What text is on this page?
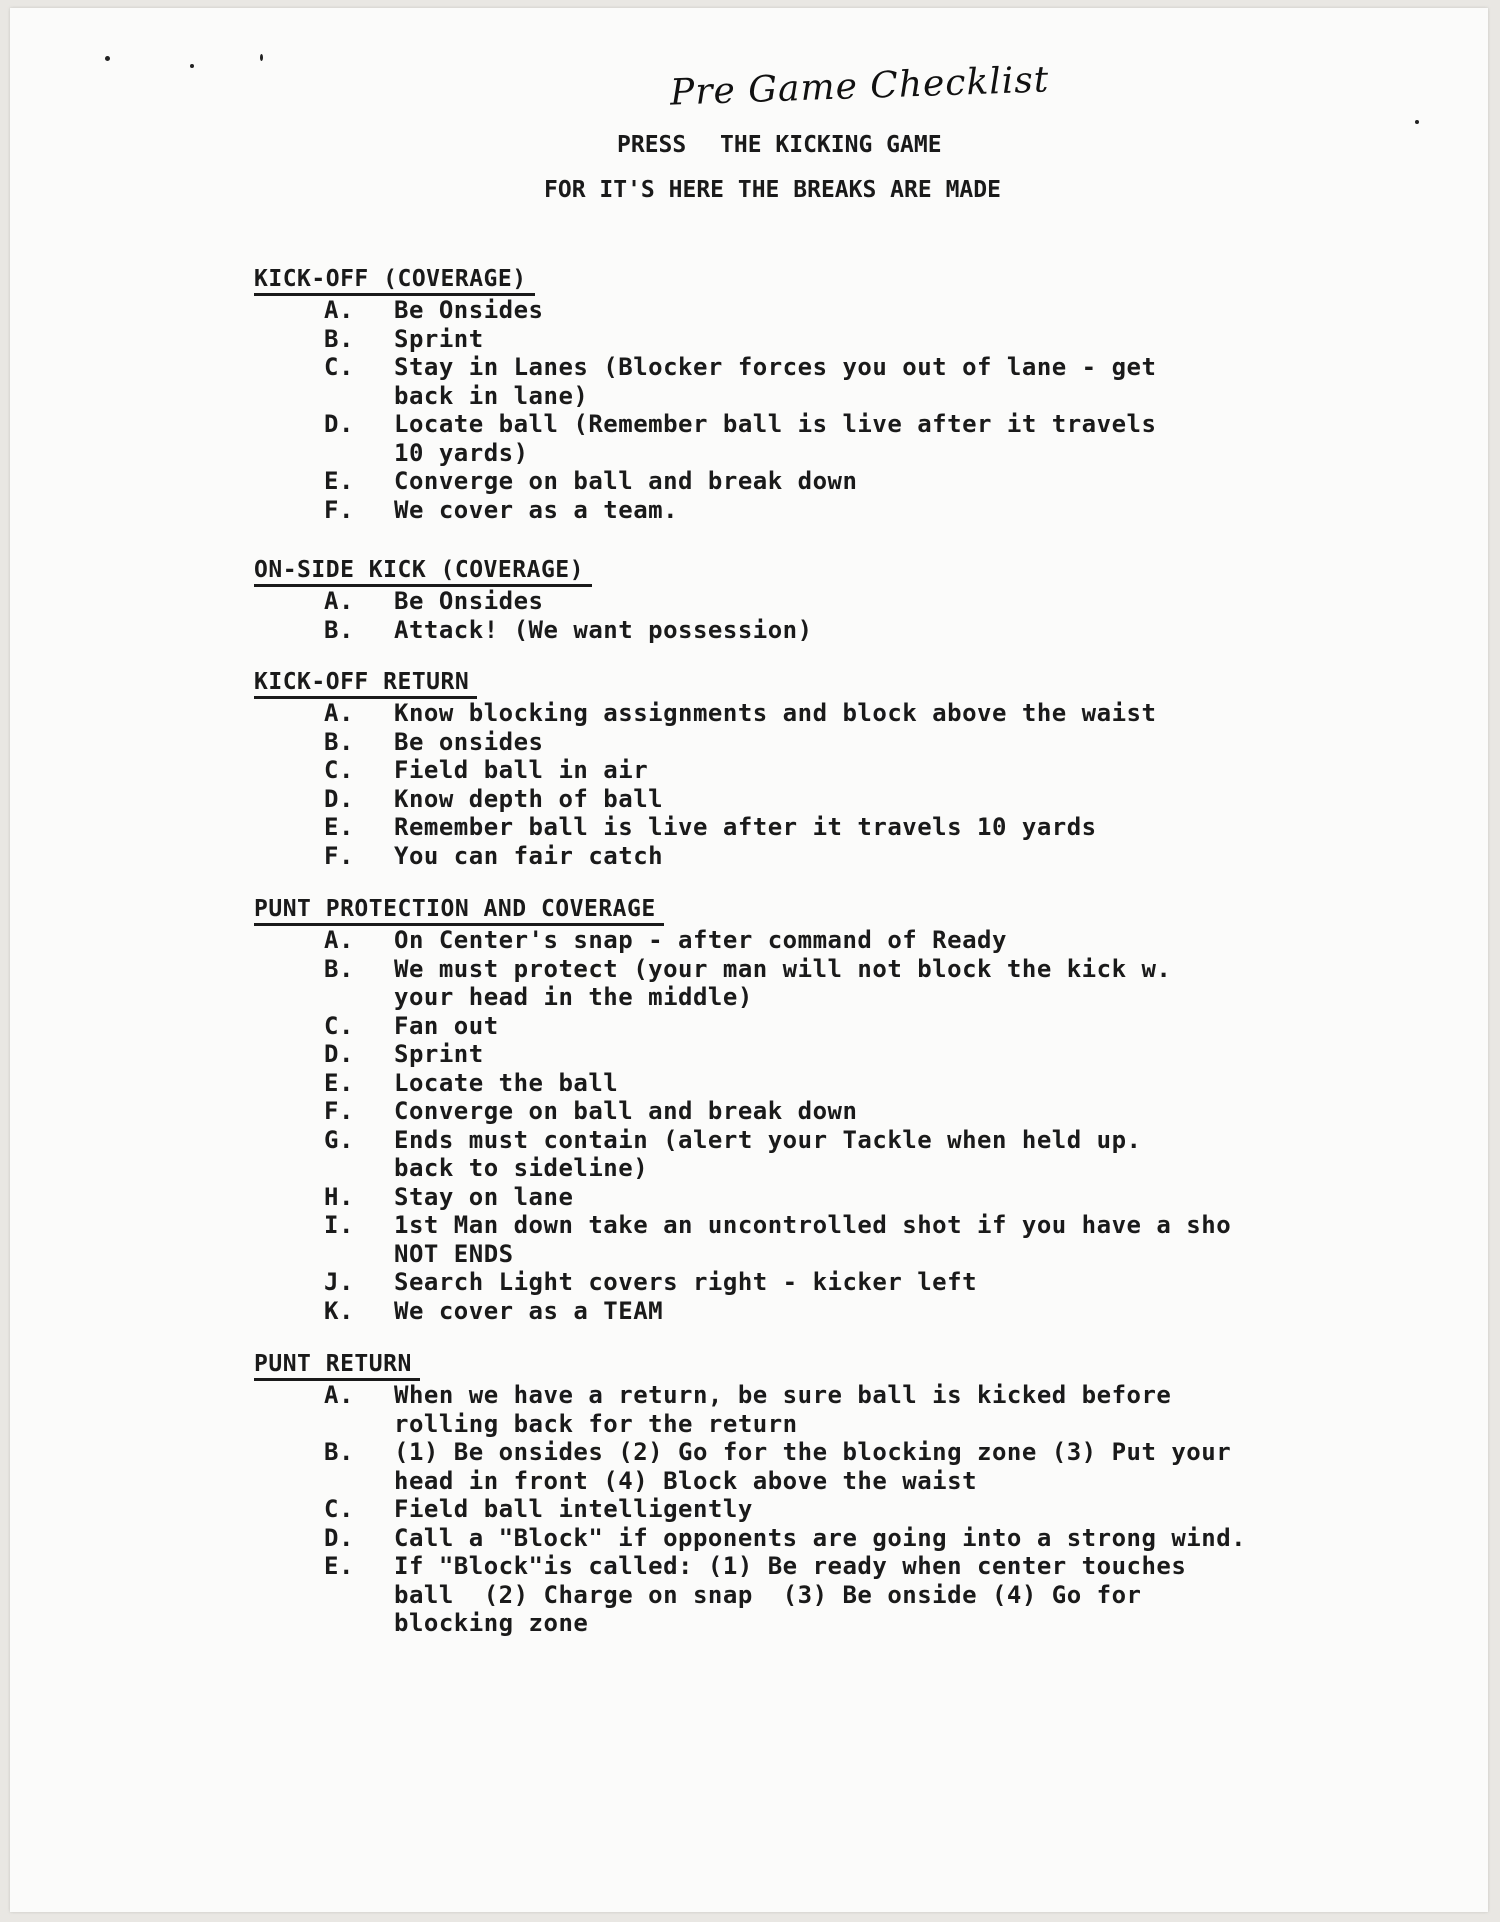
Pre Game Checklist
PRESS THE KICKING GAME
FOR IT'S HERE THE BREAKS ARE MADE
KICK-OFF (COVERAGE)
A.	Be Onsides
B.	Sprint
C.	Stay in Lanes (Blocker forces you out of lane - get
back in lane)
D.	Locate ball (Remember ball is live after it travels
10 yards)
E.	Converge on ball and break down
F.	We cover as a team.
ON-SIDE KICK (COVERAGE)
A.	Be Onsides
B.	Attack! (We want possession)
KICK-OFF RETURN
A.	Know blocking assignments and block above the waist
B.	Be onsides
C.	Field ball in air
D.	Know depth of ball
E.	Remember ball is live after it travels 10 yards
F.	You can fair catch
PUNT PROTECTION AND COVERAGE
A.	On Center's snap - after command of Ready
B.	We must protect (your man will not block the kick w.
your head in the middle)
C.	Fan out
D.	Sprint
E.	Locate the ball
F.	Converge on ball and break down
G.	Ends must contain (alert your Tackle when held up.
back to sideline)
H.	Stay on lane
I.	1st Man down take an uncontrolled shot if you have a sho
NOT ENDS
J.	Search Light covers right - kicker left
K.	We cover as a TEAM
PUNT RETURN
A.	When we have a return, be sure ball is kicked before
rolling back for the return
B.	(1) Be onsides (2) Go for the blocking zone (3) Put your
head in front (4) Block above the waist
C.	Field ball intelligently
D.	Call a "Block" if opponents are going into a strong wind.
E.	If "Block"is called: (1) Be ready when center touches
ball  (2) Charge on snap  (3) Be onside (4) Go for
blocking zone
